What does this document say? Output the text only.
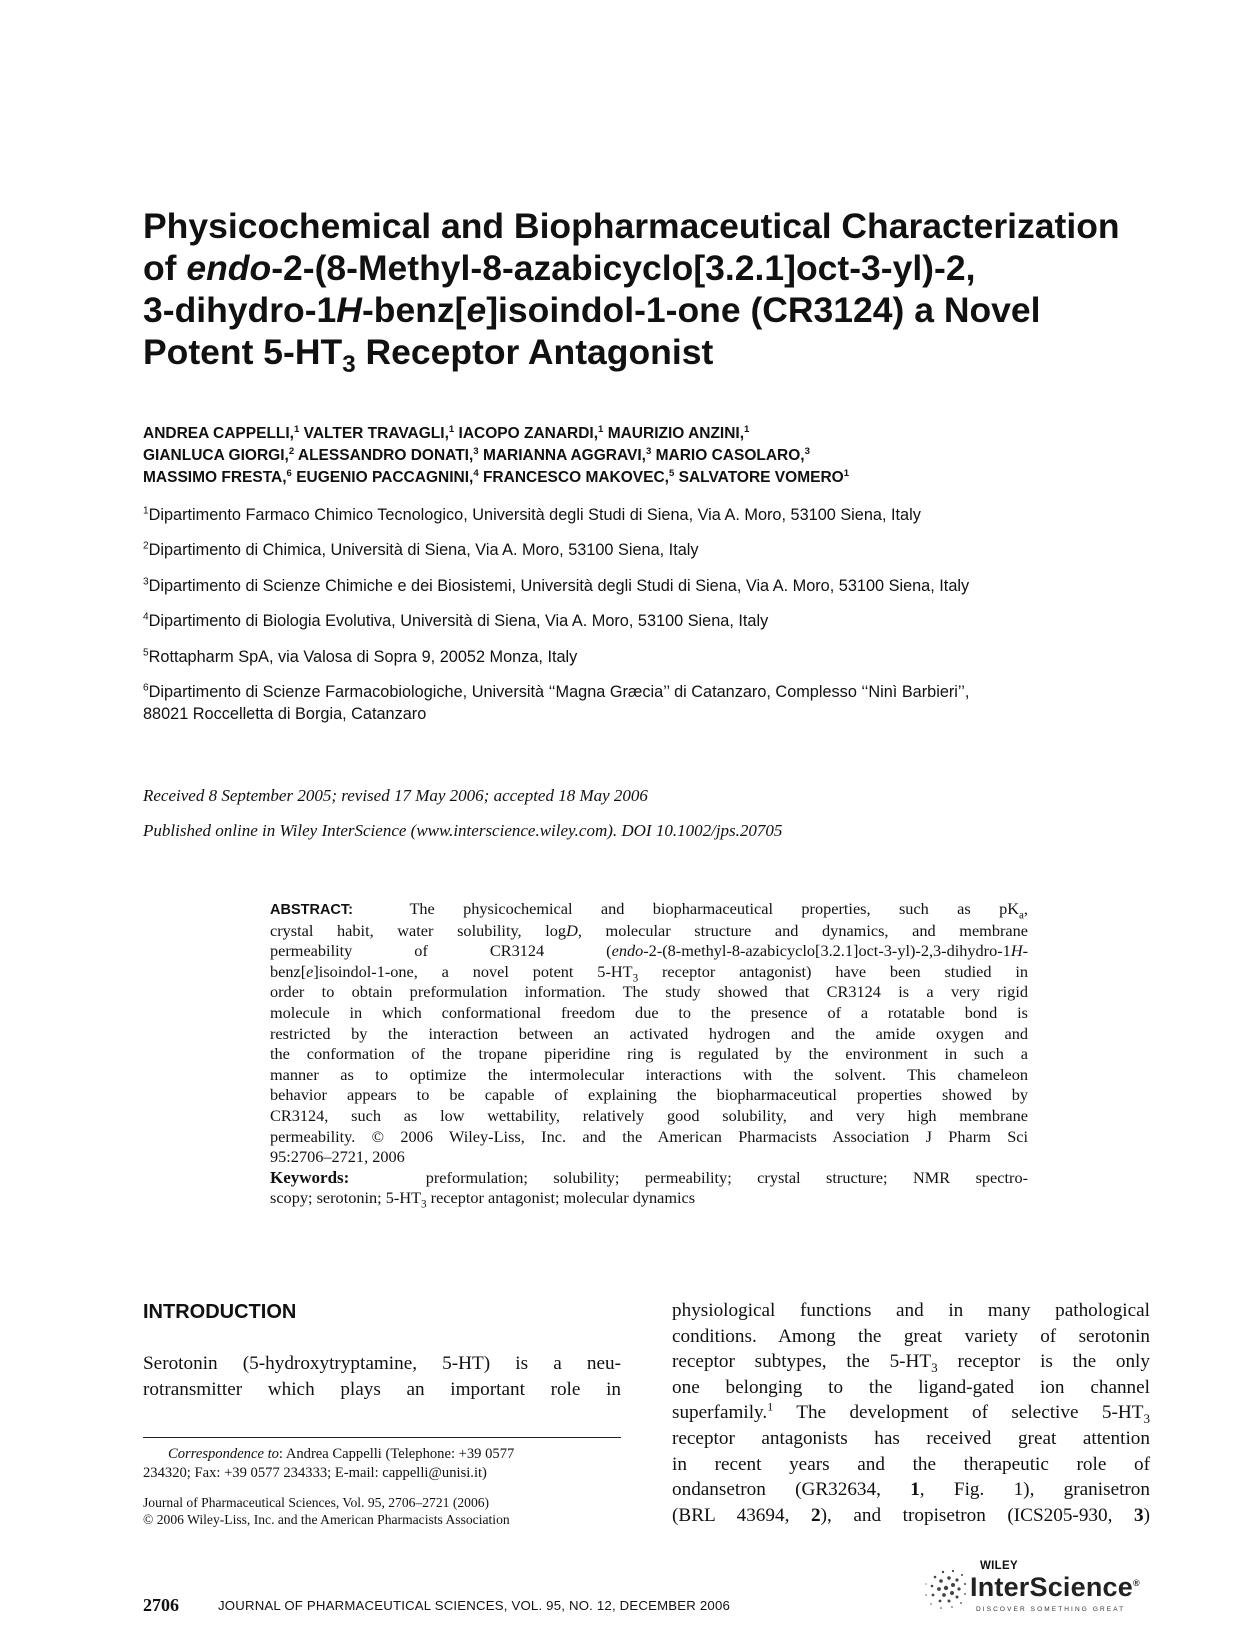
Physicochemical and Biopharmaceutical Characterization
of endo-2-(8-Methyl-8-azabicyclo[3.2.1]oct-3-yl)-2,
3-dihydro-1H-benz[e]isoindol-1-one (CR3124) a Novel
Potent $5-HT_3$ Receptor Antagonist
ANDREA CAPPELLI,$^1$ VALTER TRAVAGLI,$^1$ IACOPO ZANARDI,$^1$ MAURIZIO ANZINI,$^1$
GIANLUCA GIORGI,$^2$ ALESSANDRO DONATI,$^3$ MARIANNA AGGRAVI,$^3$ MARIO CASOLARO,$^3$
MASSIMO FRESTA,$^6$ EUGENIO PACCAGNINI,$^4$ FRANCESCO MAKOVEC,$^5$ SALVATORE VOMERO$^1$
$^1$Dipartimento Farmaco Chimico Tecnologico, Università degli Studi di Siena, Via A. Moro, 53100 Siena, Italy
$^2$Dipartimento di Chimica, Università di Siena, Via A. Moro, 53100 Siena, Italy
$^3$Dipartimento di Scienze Chimiche e dei Biosistemi, Università degli Studi di Siena, Via A. Moro, 53100 Siena, Italy
$^4$Dipartimento di Biologia Evolutiva, Università di Siena, Via A. Moro, 53100 Siena, Italy
$^5$Rottapharm SpA, via Valosa di Sopra 9, 20052 Monza, Italy
$^6$Dipartimento di Scienze Farmacobiologiche, Università ‘‘Magna Græcia’’ di Catanzaro, Complesso ‘‘Ninì Barbieri’’,
88021 Roccelletta di Borgia, Catanzaro
Received 8 September 2005; revised 17 May 2006; accepted 18 May 2006
Published online in Wiley InterScience (www.interscience.wiley.com). DOI 10.1002/jps.20705
ABSTRACT:	The physicochemical and biopharmaceutical properties, such as $pK_a$,
crystal habit, water solubility, logD, molecular structure and dynamics, and membrane
permeability of CR3124 (endo-2-(8-methyl-8-azabicyclo[3.2.1]oct-3-yl)-2,3-dihydro-1H-
benz[e]isoindol-1-one, a novel potent $5-HT_3$ receptor antagonist) have been studied in
order to obtain preformulation information. The study showed that CR3124 is a very rigid
molecule in which conformational freedom due to the presence of a rotatable bond is
restricted by the interaction between an activated hydrogen and the amide oxygen and
the conformation of the tropane piperidine ring is regulated by the environment in such a
manner as to optimize the intermolecular interactions with the solvent. This chameleon
behavior appears to be capable of explaining the biopharmaceutical properties showed by
CR3124, such as low wettability, relatively good solubility, and very high membrane
permeability. © 2006 Wiley-Liss, Inc. and the American Pharmacists Association J Pharm Sci
95:2706–2721, 2006
Keywords:	preformulation; solubility; permeability; crystal structure; NMR spectro-
scopy; serotonin; $5-HT_3$ receptor antagonist; molecular dynamics
INTRODUCTION
Serotonin (5-hydroxytryptamine, 5-HT) is a neu-
rotransmitter which plays an important role in
physiological functions and in many pathological
conditions. Among the great variety of serotonin
receptor subtypes, the $5-HT_3$ receptor is the only
one belonging to the ligand-gated ion channel
superfamily.$^1$ The development of selective $5-HT_3$
receptor antagonists has received great attention
in recent years and the therapeutic role of
ondansetron (GR32634, 1, Fig. 1), granisetron
(BRL 43694, 2), and tropisetron (ICS205-930, 3)
Correspondence to: Andrea Cappelli (Telephone: +39 0577
234320; Fax: +39 0577 234333; E-mail: cappelli@unisi.it)
Journal of Pharmaceutical Sciences, Vol. 95, 2706–2721 (2006)
© 2006 Wiley-Liss, Inc. and the American Pharmacists Association
2706	JOURNAL OF PHARMACEUTICAL SCIENCES, VOL. 95, NO. 12, DECEMBER 2006
WILEY
InterScience®
DISCOVER SOMETHING GREAT
